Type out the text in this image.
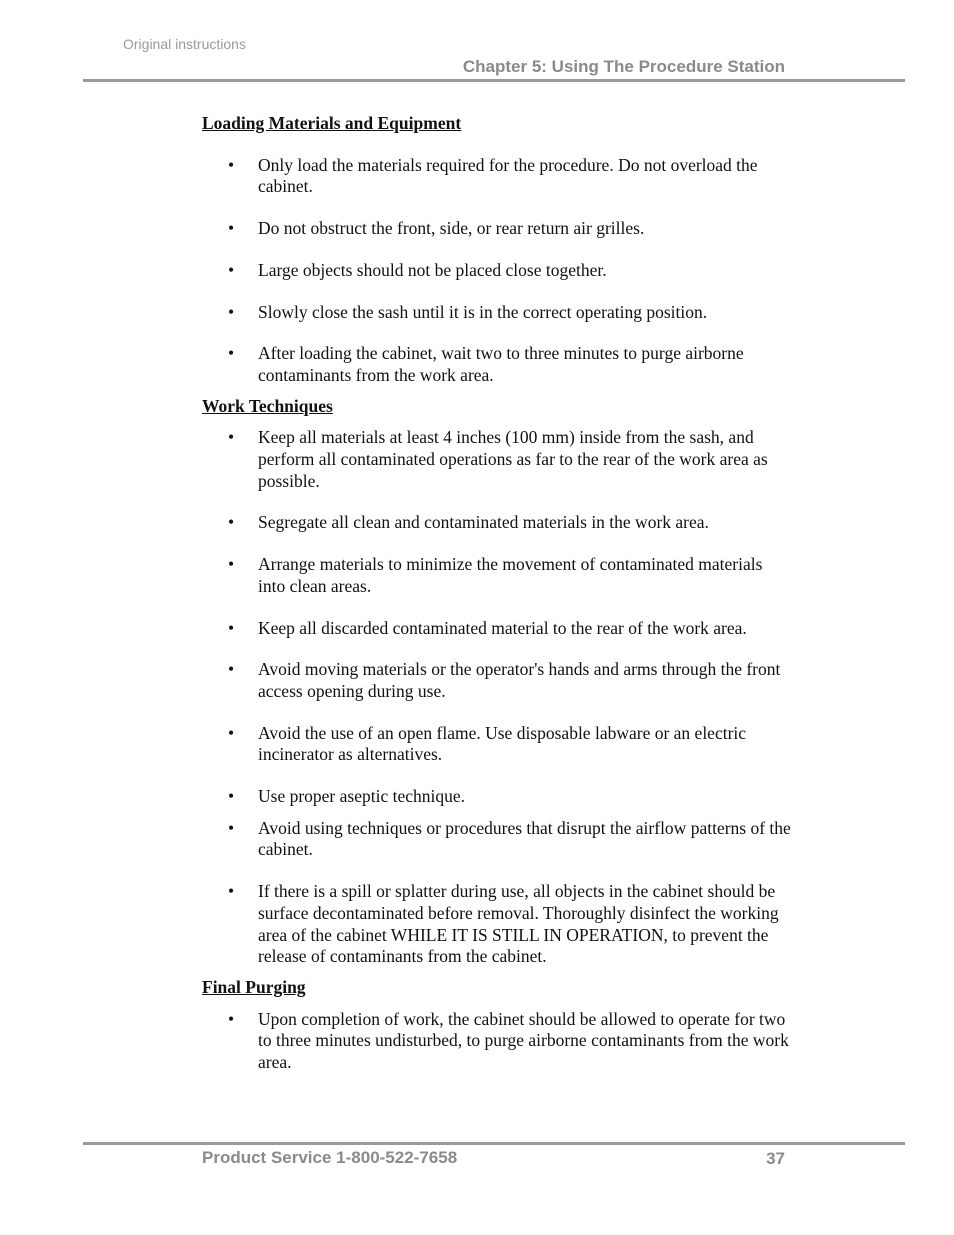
Original instructions

Chapter 5: Using The Procedure Station

Loading Materials and Equipment

• Only load the materials required for the procedure. Do not overload the cabinet.
• Do not obstruct the front, side, or rear return air grilles.
• Large objects should not be placed close together.
• Slowly close the sash until it is in the correct operating position.
• After loading the cabinet, wait two to three minutes to purge airborne contaminants from the work area.

Work Techniques

• Keep all materials at least 4 inches (100 mm) inside from the sash, and perform all contaminated operations as far to the rear of the work area as possible.
• Segregate all clean and contaminated materials in the work area.
• Arrange materials to minimize the movement of contaminated materials into clean areas.
• Keep all discarded contaminated material to the rear of the work area.
• Avoid moving materials or the operator's hands and arms through the front access opening during use.
• Avoid the use of an open flame. Use disposable labware or an electric incinerator as alternatives.
• Use proper aseptic technique.
• Avoid using techniques or procedures that disrupt the airflow patterns of the cabinet.
• If there is a spill or splatter during use, all objects in the cabinet should be surface decontaminated before removal. Thoroughly disinfect the working area of the cabinet WHILE IT IS STILL IN OPERATION, to prevent the release of contaminants from the cabinet.

Final Purging

• Upon completion of work, the cabinet should be allowed to operate for two to three minutes undisturbed, to purge airborne contaminants from the work area.

Product Service 1-800-522-7658	37
